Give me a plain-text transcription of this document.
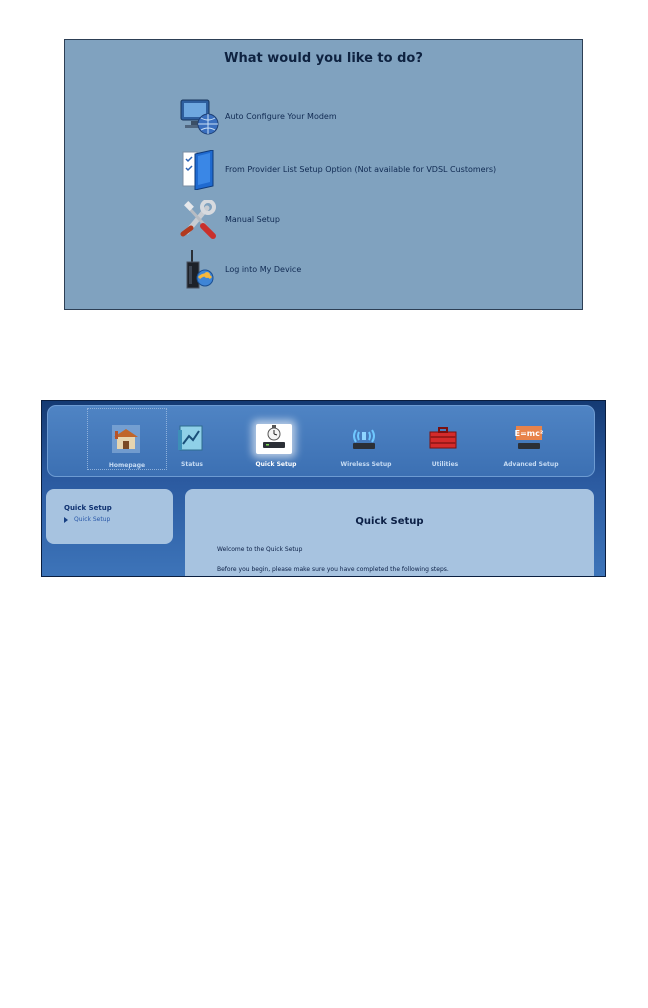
What would you like to do?
Auto Configure Your Modem
From Provider List Setup Option (Not available for VDSL Customers)
Manual Setup
Log into My Device
Homepage	Status	Quick Setup	Wireless Setup	Utilities
E=mc²
Advanced Setup
Quick Setup
Quick Setup	Quick Setup
Welcome to the Quick Setup
Before you begin, please make sure you have completed the following steps.
